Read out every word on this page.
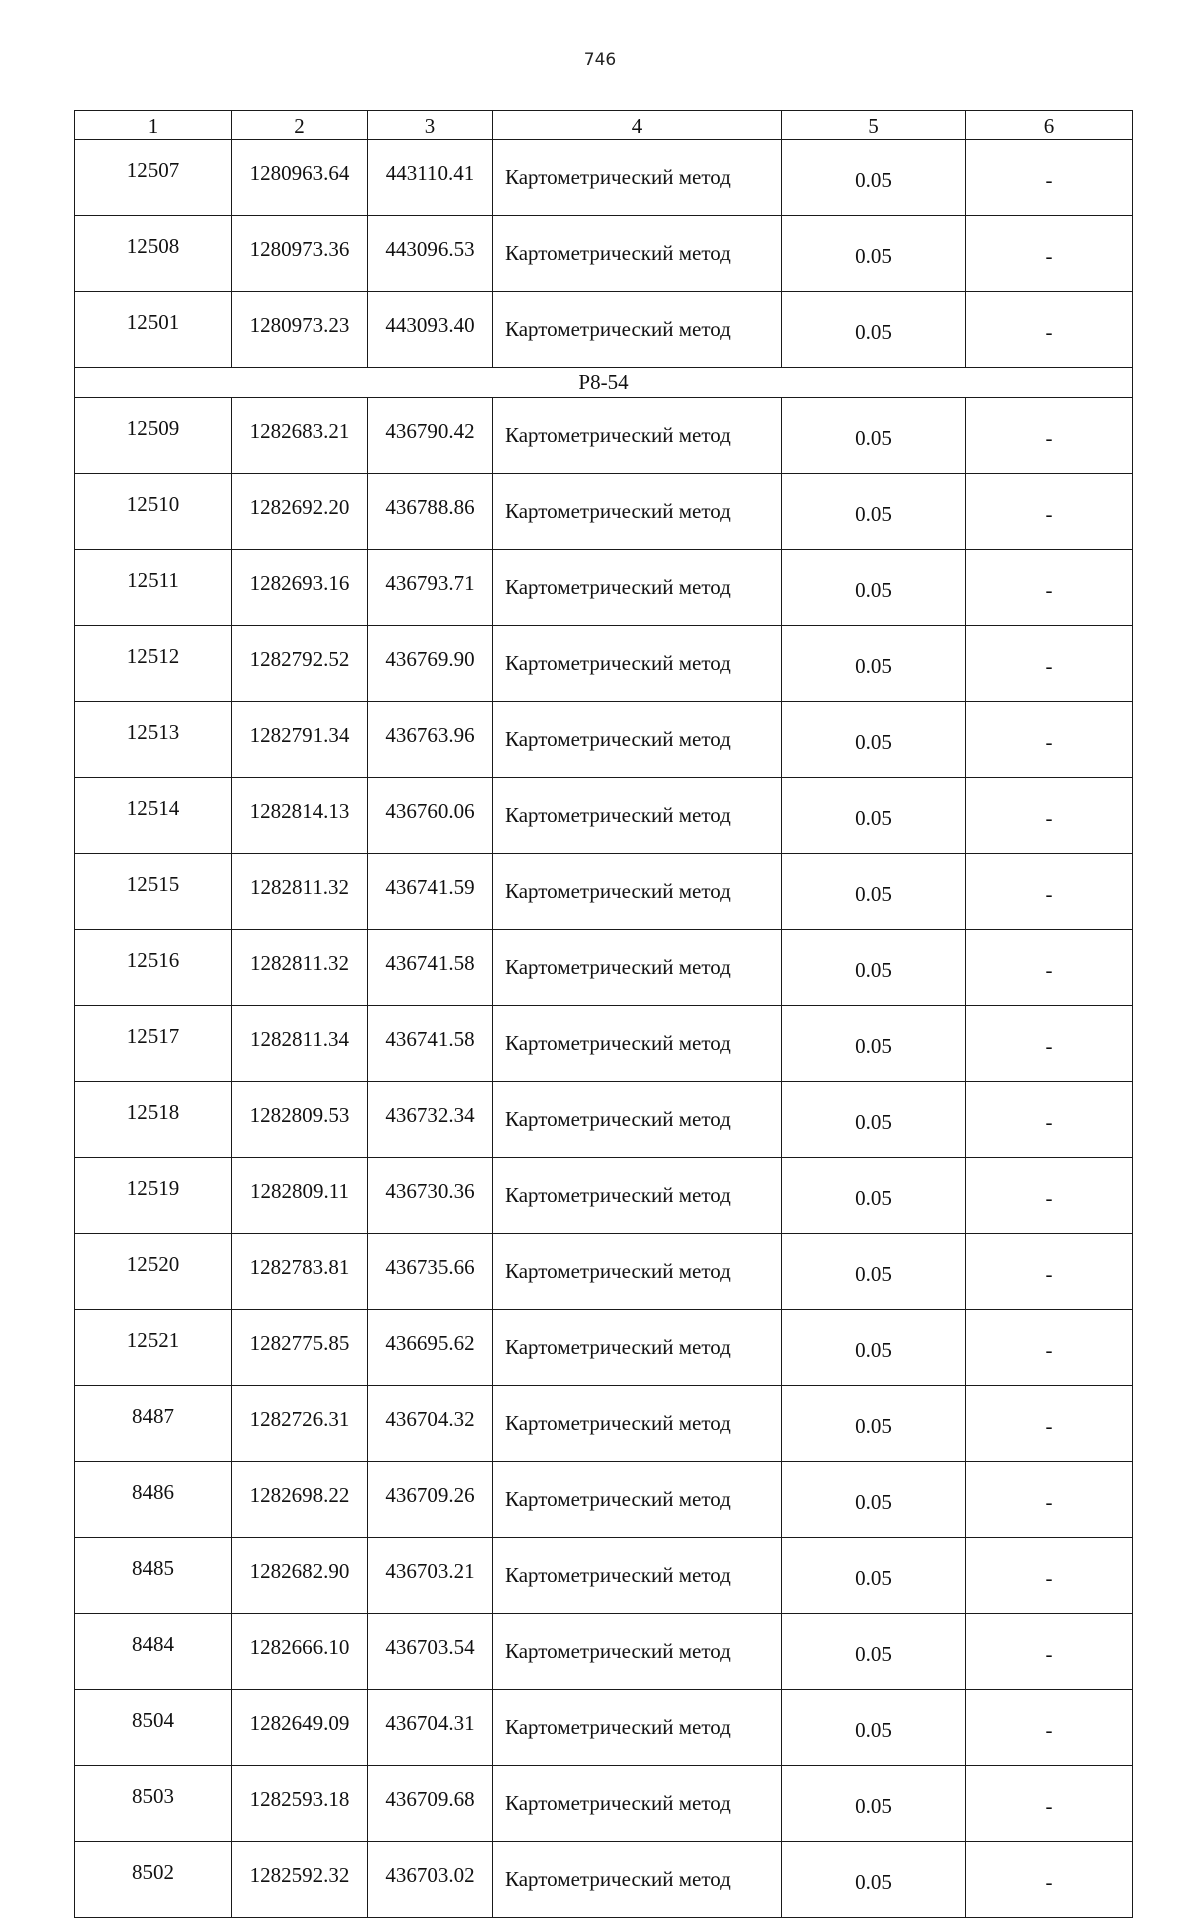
746
1	2	3	4	5	6
12507	1280963.64	443110.41	Картометрический метод	0.05	-
12508	1280973.36	443096.53	Картометрический метод	0.05	-
12501	1280973.23	443093.40	Картометрический метод	0.05	-
Р8-54					
12509	1282683.21	436790.42	Картометрический метод	0.05	-
12510	1282692.20	436788.86	Картометрический метод	0.05	-
12511	1282693.16	436793.71	Картометрический метод	0.05	-
12512	1282792.52	436769.90	Картометрический метод	0.05	-
12513	1282791.34	436763.96	Картометрический метод	0.05	-
12514	1282814.13	436760.06	Картометрический метод	0.05	-
12515	1282811.32	436741.59	Картометрический метод	0.05	-
12516	1282811.32	436741.58	Картометрический метод	0.05	-
12517	1282811.34	436741.58	Картометрический метод	0.05	-
12518	1282809.53	436732.34	Картометрический метод	0.05	-
12519	1282809.11	436730.36	Картометрический метод	0.05	-
12520	1282783.81	436735.66	Картометрический метод	0.05	-
12521	1282775.85	436695.62	Картометрический метод	0.05	-
8487	1282726.31	436704.32	Картометрический метод	0.05	-
8486	1282698.22	436709.26	Картометрический метод	0.05	-
8485	1282682.90	436703.21	Картометрический метод	0.05	-
8484	1282666.10	436703.54	Картометрический метод	0.05	-
8504	1282649.09	436704.31	Картометрический метод	0.05	-
8503	1282593.18	436709.68	Картометрический метод	0.05	-
8502	1282592.32	436703.02	Картометрический метод	0.05	-
